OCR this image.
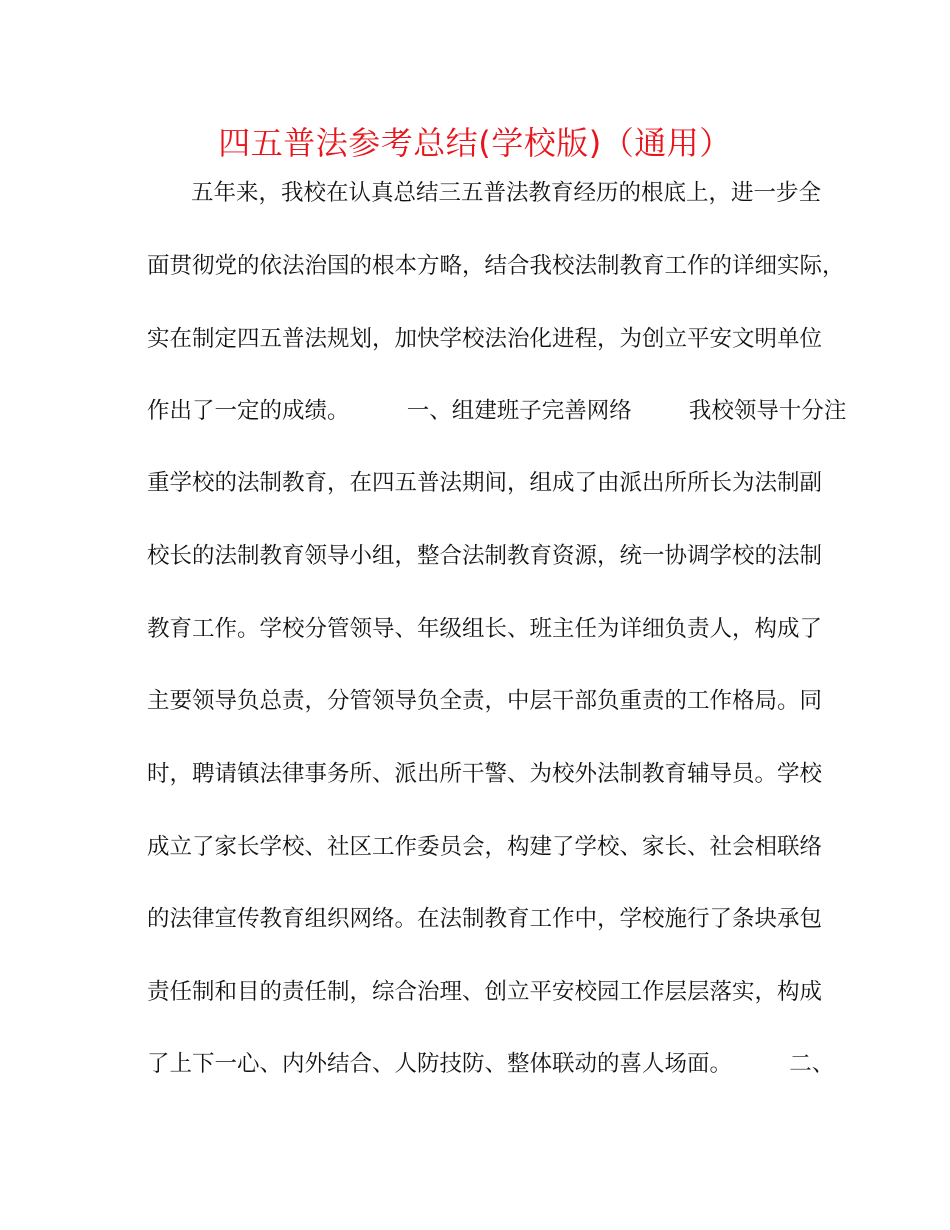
四五普法参考总结(学校版)（通用）
五年来，我校在认真总结三五普法教育经历的根底上，进一步全
面贯彻党的依法治国的根本方略，结合我校法制教育工作的详细实际，
实在制定四五普法规划，加快学校法治化进程，为创立平安文明单位
作出了一定的成绩。        一、组建班子完善网络        我校领导十分注
重学校的法制教育，在四五普法期间，组成了由派出所所长为法制副
校长的法制教育领导小组，整合法制教育资源，统一协调学校的法制
教育工作。学校分管领导、年级组长、班主任为详细负责人，构成了
主要领导负总责，分管领导负全责，中层干部负重责的工作格局。同
时，聘请镇法律事务所、派出所干警、为校外法制教育辅导员。学校
成立了家长学校、社区工作委员会，构建了学校、家长、社会相联络
的法律宣传教育组织网络。在法制教育工作中，学校施行了条块承包
责任制和目的责任制，综合治理、创立平安校园工作层层落实，构成
了上下一心、内外结合、人防技防、整体联动的喜人场面。        二、
